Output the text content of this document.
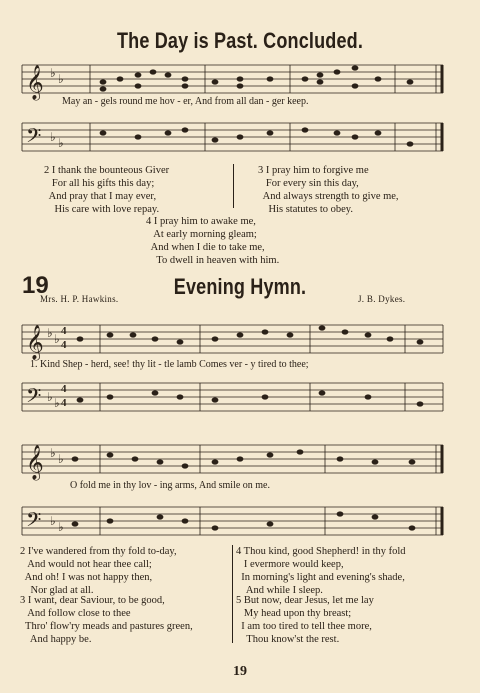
The Day is Past. Concluded.
𝄞 ♭ ♭
May an - gels round me hov - er, And from all dan - ger keep.
𝄢 ♭ ♭
2 I thank the bounteous Giver
For all his gifts this day;
And pray that I may ever,
His care with love repay.
3 I pray him to forgive me
For every sin this day,
And always strength to give me,
His statutes to obey.
4 I pray him to awake me,
At early morning gleam;
And when I die to take me,
To dwell in heaven with him.
19	Evening Hymn.
Mrs. H. P. Hawkins.	J. B. Dykes.
𝄞 ♭ ♭
4
4
1. Kind Shep - herd, see! thy lit - tle lamb Comes ver - y tired to thee;
𝄢 ♭ ♭
4
4
𝄞 ♭ ♭
O fold me in thy lov - ing arms, And smile on me.
𝄢 ♭ ♭
2 I've wandered from thy fold to-day,
And would not hear thee call;
And oh! I was not happy then,
Nor glad at all.
3 I want, dear Saviour, to be good,
And follow close to thee
Thro' flow'ry meads and pastures green,
And happy be.
4 Thou kind, good Shepherd! in thy fold
I evermore would keep,
In morning's light and evening's shade,
And while I sleep.
5 But now, dear Jesus, let me lay
My head upon thy breast;
I am too tired to tell thee more,
Thou know'st the rest.
19
